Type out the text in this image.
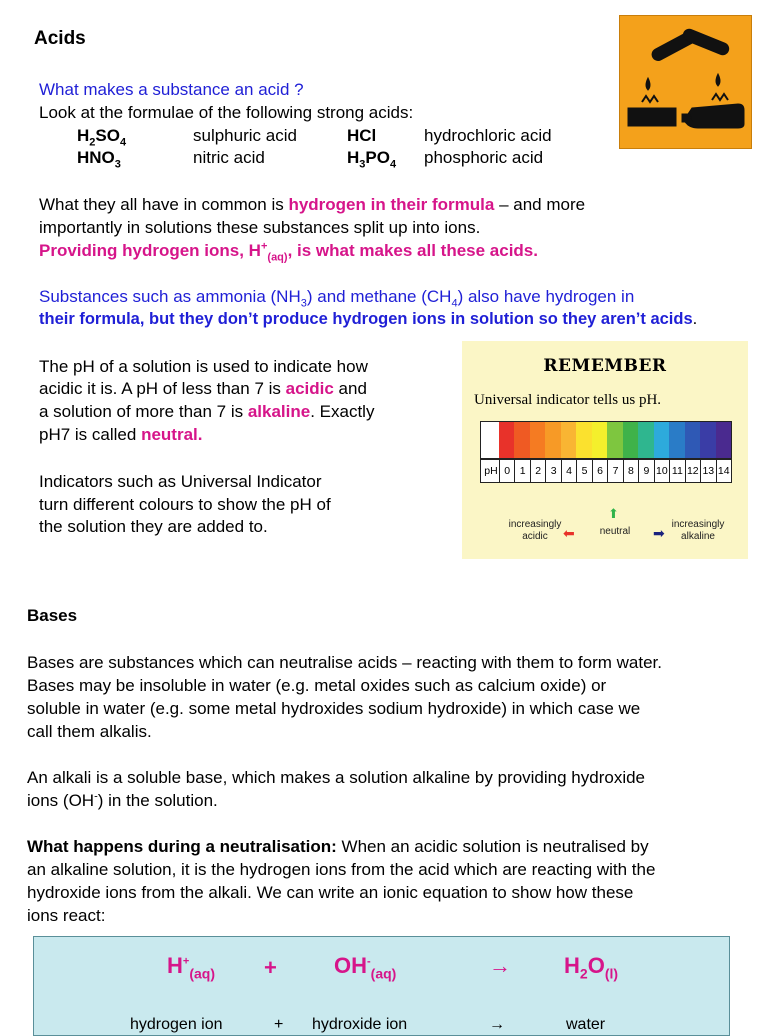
Acids
What makes a substance an acid ?
Look at the formulae of the following strong acids:
$H_2SO_4$	sulphuric acid	HCl	hydrochloric acid
$HNO_3$	nitric acid	$H_3PO_4$ phosphoric acid
What they all have in common is hydrogen in their formula – and more
importantly in solutions these substances split up into ions.
Providing hydrogen ions, $H^+_{(aq)}$, is what makes all these acids.
Substances such as ammonia $(NH_3)$ and methane $(CH_4)$ also have hydrogen in
their formula, but they don’t produce hydrogen ions in solution so they aren’t acids.
The pH of a solution is used to indicate how
acidic it is. A pH of less than 7 is acidic and
a solution of more than 7 is alkaline. Exactly
pH7 is called neutral.
Indicators such as Universal Indicator
turn different colours to show the pH of
the solution they are added to.
REMEMBER
Universal indicator tells us pH.
pH 0 1 2 3 4 5 6 7 8 9 10 11 12 13 14
increasingly acidic	⬅
⬆
neutral	➡
increasingly alkaline
Bases
Bases are substances which can neutralise acids – reacting with them to form water.
Bases may be insoluble in water (e.g. metal oxides such as calcium oxide) or
soluble in water (e.g. some metal hydroxides sodium hydroxide) in which case we
call them alkalis.
An alkali is a soluble base, which makes a solution alkaline by providing hydroxide
ions (OH-) in the solution.
What happens during a neutralisation: When an acidic solution is neutralised by
an alkaline solution, it is the hydrogen ions from the acid which are reacting with the
hydroxide ions from the alkali. We can write an ionic equation to show how these
ions react:
$H^+_{(aq)}$ +	$OH^-_{(aq)}$	→ $H_2O_{(l)}$
hydrogen ion	+ hydroxide ion	→	water
